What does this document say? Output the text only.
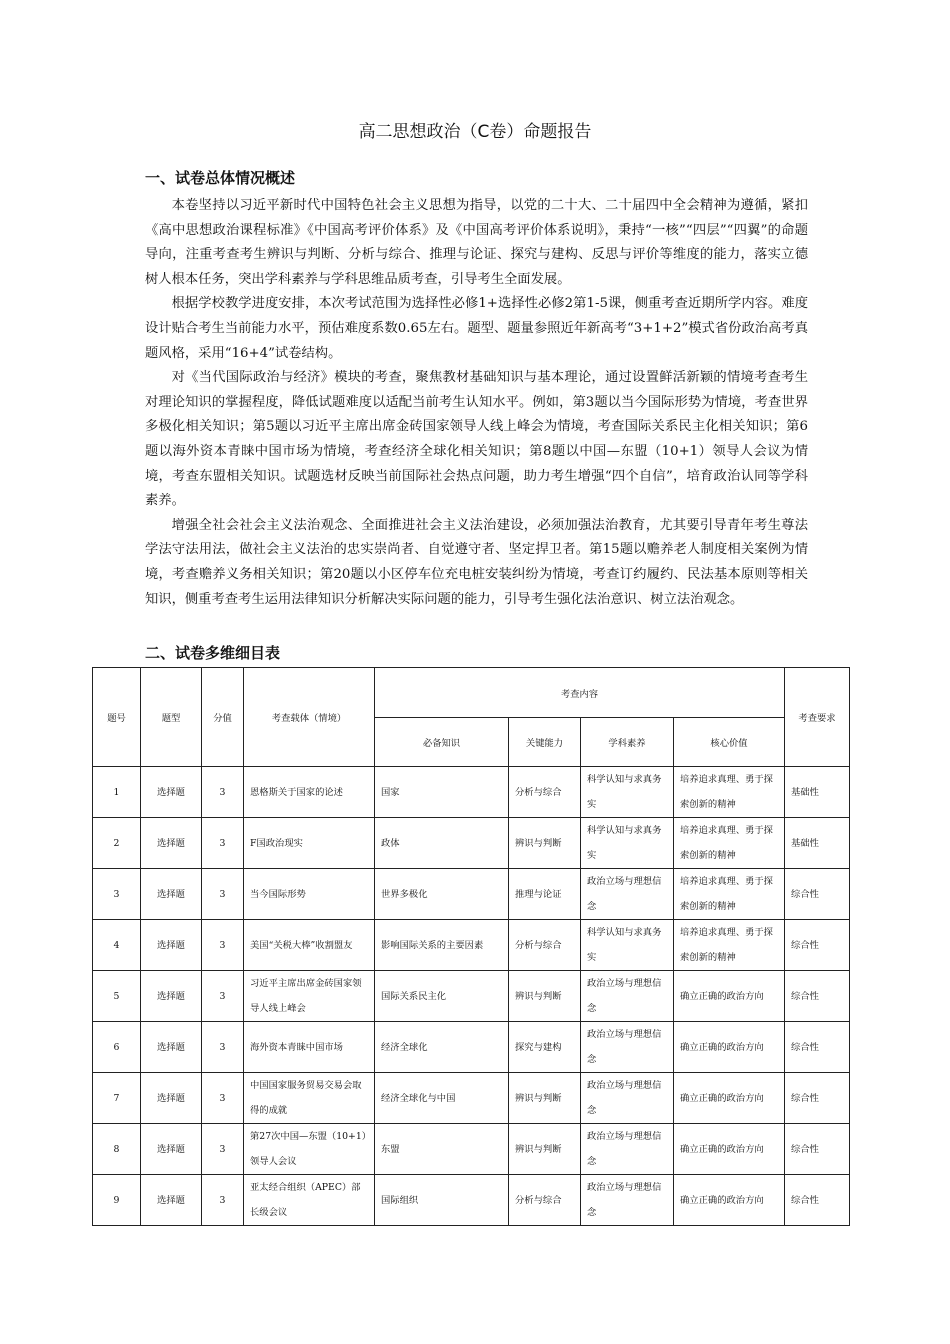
高二思想政治（C卷）命题报告
一、试卷总体情况概述

本卷坚持以习近平新时代中国特色社会主义思想为指导，以党的二十大、二十届四中全会精神为遵循，紧扣《高中思想政治课程标准》《中国高考评价体系》及《中国高考评价体系说明》，秉持“一核”“四层”“四翼”的命题导向，注重考查考生辨识与判断、分析与综合、推理与论证、探究与建构、反思与评价等维度的能力，落实立德树人根本任务，突出学科素养与学科思维品质考查，引导考生全面发展。

根据学校教学进度安排，本次考试范围为选择性必修1+选择性必修2第1-5课，侧重考查近期所学内容。难度设计贴合考生当前能力水平，预估难度系数0.65左右。题型、题量参照近年新高考“3+1+2”模式省份政治高考真题风格，采用“16+4”试卷结构。

对《当代国际政治与经济》模块的考查，聚焦教材基础知识与基本理论，通过设置鲜活新颖的情境考查考生对理论知识的掌握程度，降低试题难度以适配当前考生认知水平。例如，第3题以当今国际形势为情境，考查世界多极化相关知识；第5题以习近平主席出席金砖国家领导人线上峰会为情境，考查国际关系民主化相关知识；第6题以海外资本青睐中国市场为情境，考查经济全球化相关知识；第8题以中国—东盟（10+1）领导人会议为情境，考查东盟相关知识。试题选材反映当前国际社会热点问题，助力考生增强“四个自信”，培育政治认同等学科素养。

增强全社会社会主义法治观念、全面推进社会主义法治建设，必须加强法治教育，尤其要引导青年考生尊法学法守法用法，做社会主义法治的忠实崇尚者、自觉遵守者、坚定捍卫者。第15题以赡养老人制度相关案例为情境，考查赡养义务相关知识；第20题以小区停车位充电桩安装纠纷为情境，考查订约履约、民法基本原则等相关知识，侧重考查考生运用法律知识分析解决实际问题的能力，引导考生强化法治意识、树立法治观念。

二、试卷多维细目表
题号	题型	分值	考查载体（情境）	考查内容				考查要求
				必备知识	关键能力	学科素养	核心价值	
1	选择题	3	恩格斯关于国家的论述	国家	分析与综合	科学认知与求真务实	培养追求真理、勇于探索创新的精神	基础性
2	选择题	3	F国政治现实	政体	辨识与判断	科学认知与求真务实	培养追求真理、勇于探索创新的精神	基础性
3	选择题	3	当今国际形势	世界多极化	推理与论证	政治立场与理想信念	培养追求真理、勇于探索创新的精神	综合性
4	选择题	3	美国“关税大棒”收割盟友	影响国际关系的主要因素	分析与综合	科学认知与求真务实	培养追求真理、勇于探索创新的精神	综合性
5	选择题	3	习近平主席出席金砖国家领导人线上峰会	国际关系民主化	辨识与判断	政治立场与理想信念	确立正确的政治方向	综合性
6	选择题	3	海外资本青睐中国市场	经济全球化	探究与建构	政治立场与理想信念	确立正确的政治方向	综合性
7	选择题	3	中国国家服务贸易交易会取得的成就	经济全球化与中国	辨识与判断	政治立场与理想信念	确立正确的政治方向	综合性
8	选择题	3	第27次中国—东盟（10+1）领导人会议	东盟	辨识与判断	政治立场与理想信念	确立正确的政治方向	综合性
9	选择题	3	亚太经合组织（APEC）部长级会议	国际组织	分析与综合	政治立场与理想信念	确立正确的政治方向	综合性
